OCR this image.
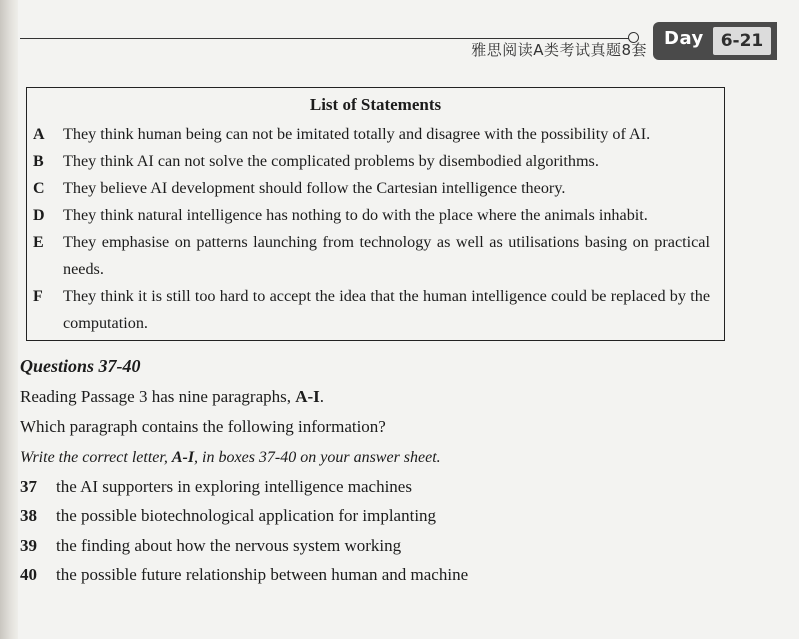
雅思阅读A类考试真题8套
Day 6-21
List of Statements
A They think human being can not be imitated totally and disagree with the possibility of AI.
B They think AI can not solve the complicated problems by disembodied algorithms.
C They believe AI development should follow the Cartesian intelligence theory.
D They think natural intelligence has nothing to do with the place where the animals inhabit.
E They emphasise on patterns launching from technology as well as utilisations basing on practical needs.
F They think it is still too hard to accept the idea that the human intelligence could be replaced by the computation.
Questions 37-40
Reading Passage 3 has nine paragraphs, A-I.
Which paragraph contains the following information?
Write the correct letter, A-I, in boxes 37-40 on your answer sheet.
37 the AI supporters in exploring intelligence machines
38 the possible biotechnological application for implanting
39 the finding about how the nervous system working
40 the possible future relationship between human and machine
